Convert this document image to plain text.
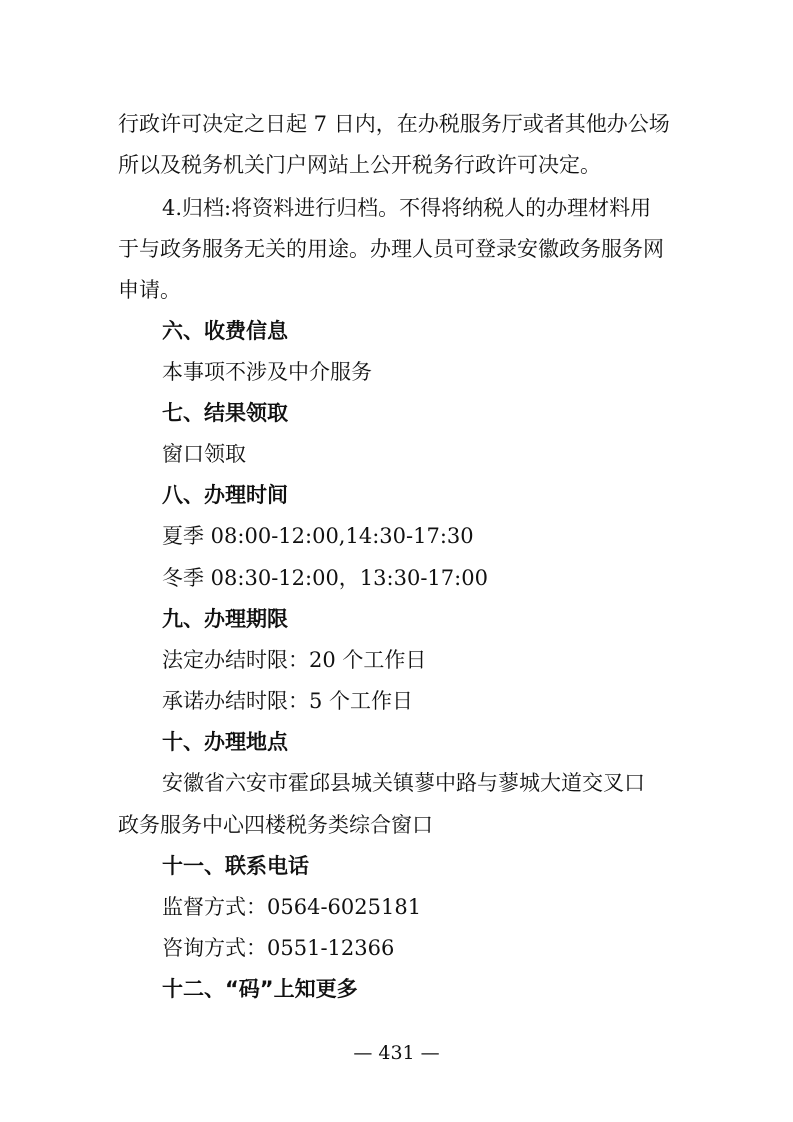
行政许可决定之日起 7 日内，在办税服务厅或者其他办公场
所以及税务机关门户网站上公开税务行政许可决定。
4.归档:将资料进行归档。不得将纳税人的办理材料用
于与政务服务无关的用途。办理人员可登录安徽政务服务网
申请。
六、收费信息
本事项不涉及中介服务
七、结果领取
窗口领取
八、办理时间
夏季 08:00-12:00,14:30-17:30
冬季 08:30-12:00，13:30-17:00
九、办理期限
法定办结时限：20 个工作日
承诺办结时限：5 个工作日
十、办理地点
安徽省六安市霍邱县城关镇蓼中路与蓼城大道交叉口
政务服务中心四楼税务类综合窗口
十一、联系电话
监督方式：0564-6025181
咨询方式：0551-12366
十二、“码”上知更多
— 431 —
